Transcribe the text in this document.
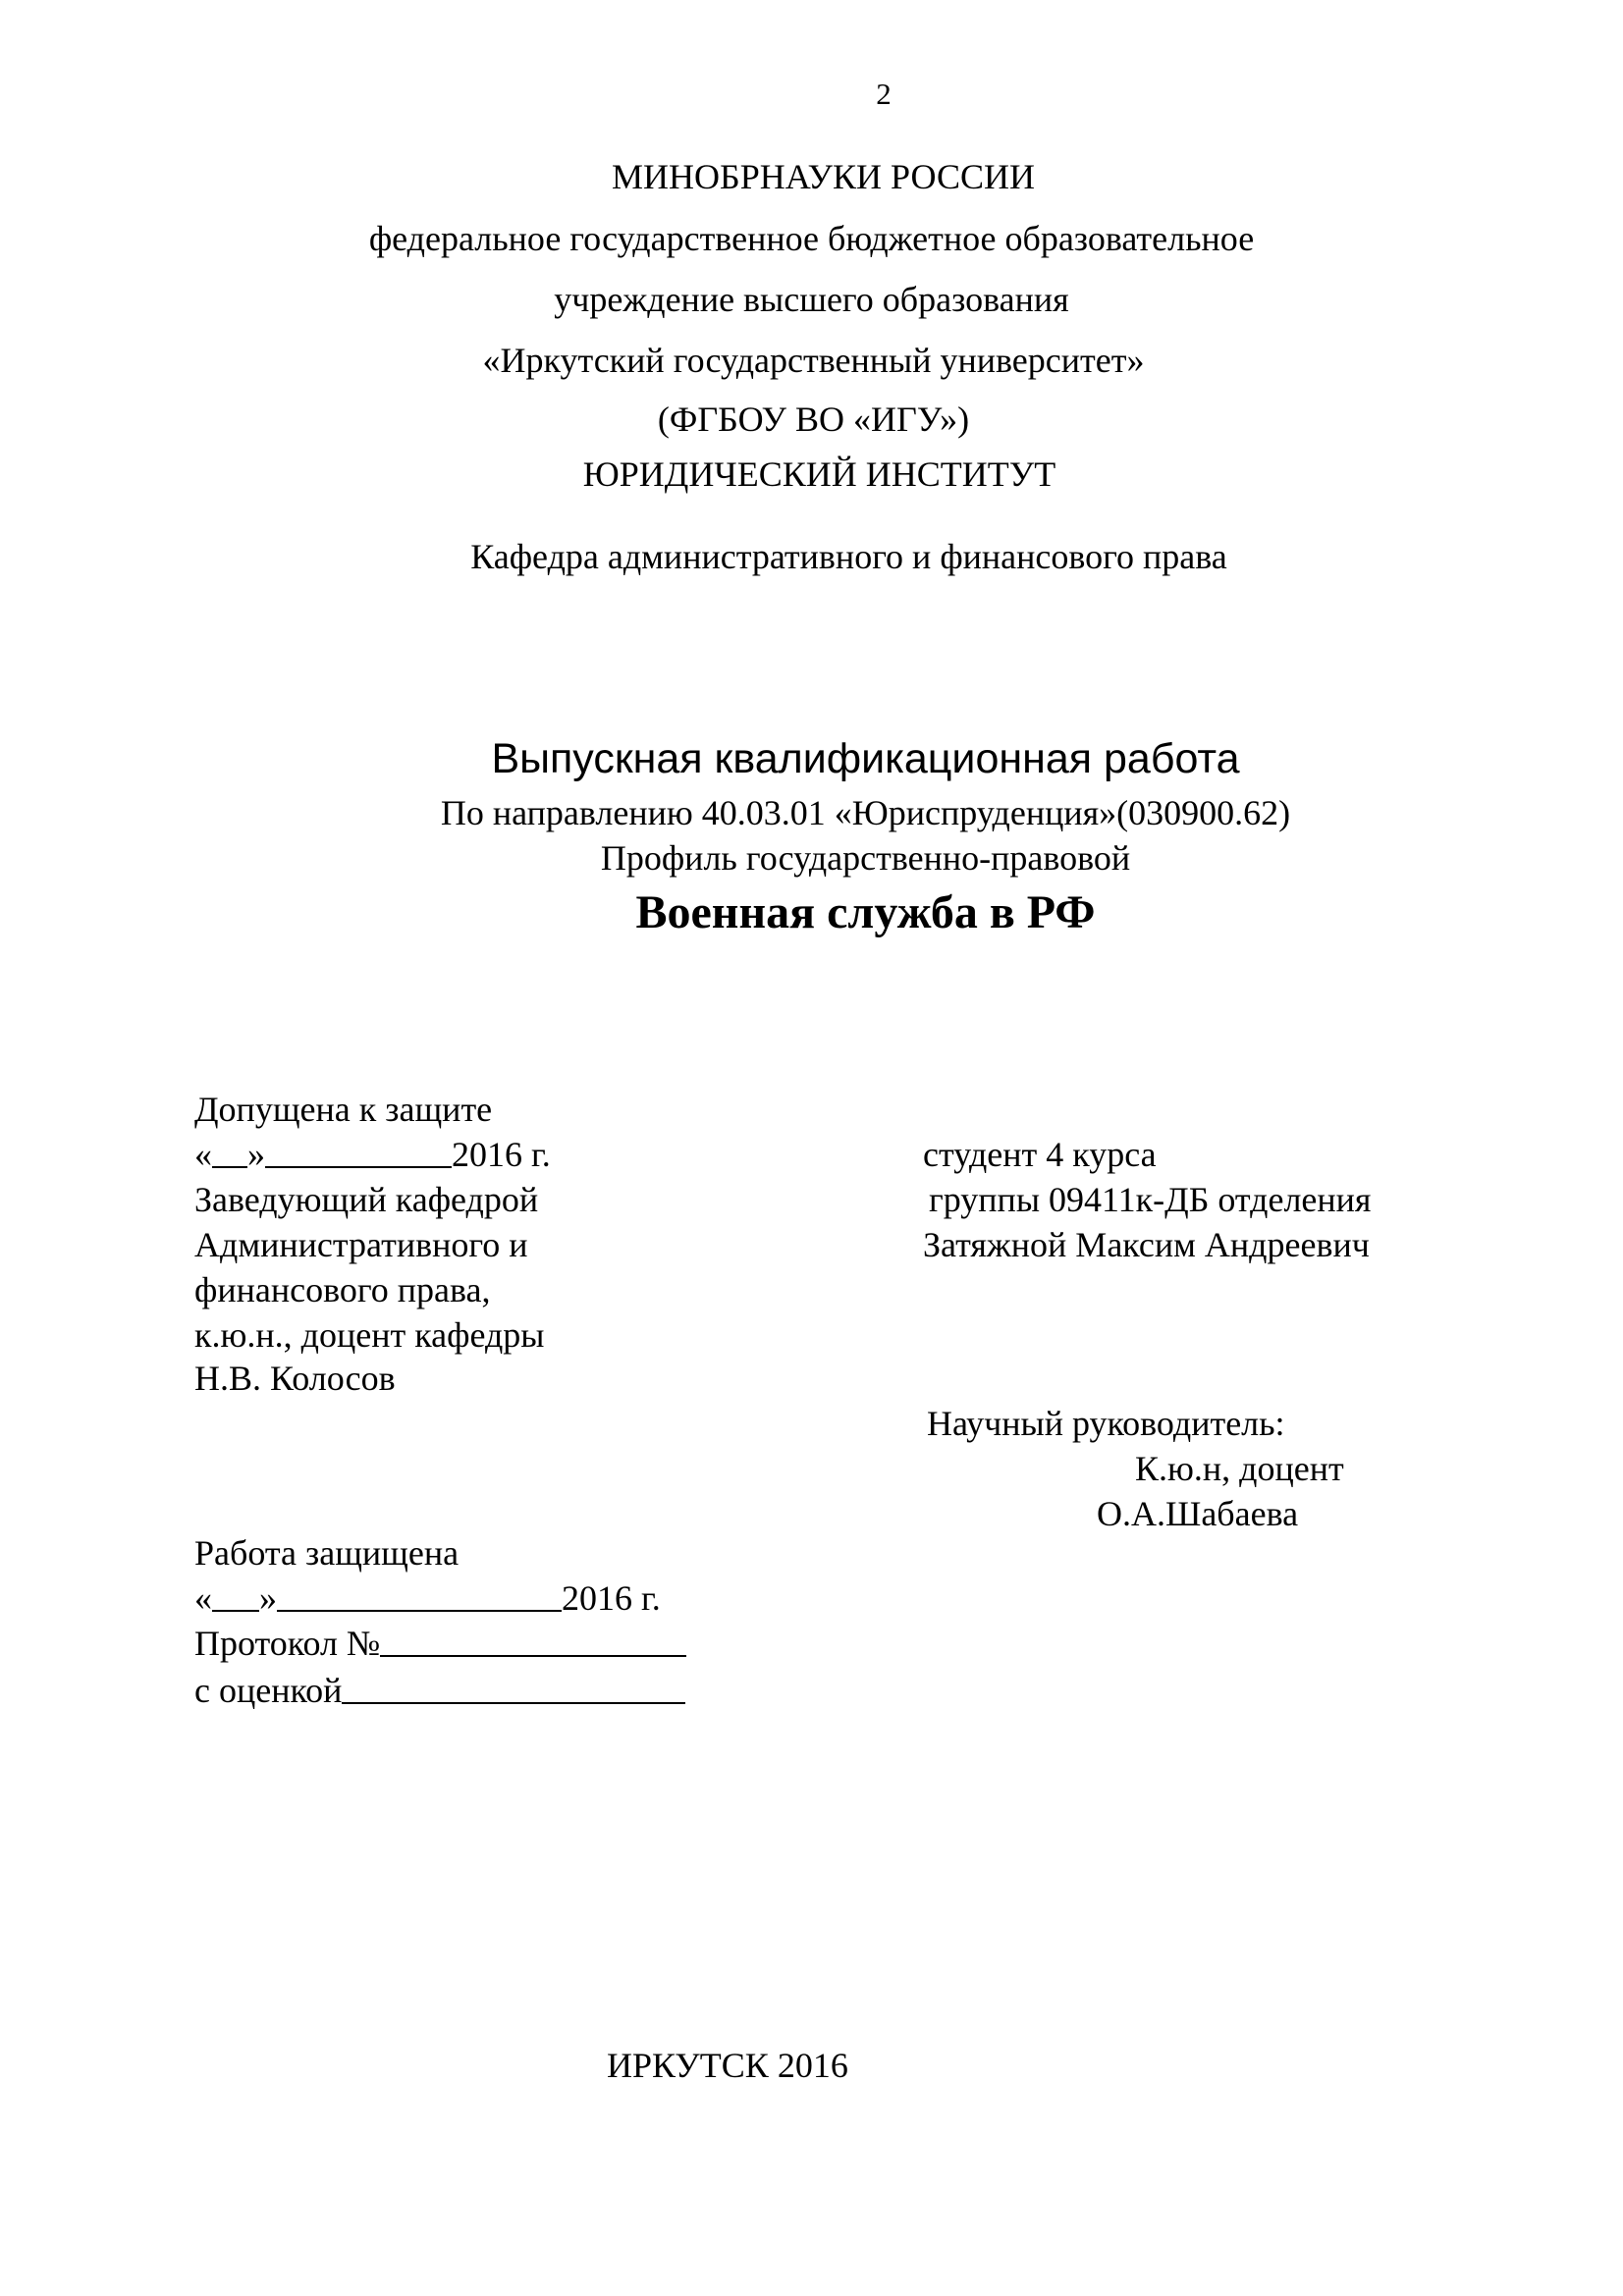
2
МИНОБРНАУКИ РОССИИ
федеральное государственное бюджетное образовательное
учреждение высшего образования
«Иркутский государственный университет»
(ФГБОУ ВО «ИГУ»)
ЮРИДИЧЕСКИЙ ИНСТИТУТ
Кафедра административного и финансового права
Выпускная квалификационная работа
По направлению 40.03.01 «Юриспруденция»(030900.62)
Профиль государственно-правовой
Военная служба в РФ
Допущена к защите
« »	2016 г.
Заведующий кафедрой
Административного и
финансового права,
к.ю.н., доцент кафедры
Н.В. Колосов
студент 4 курса
группы 09411к-ДБ отделения
Затяжной Максим Андреевич
Научный руководитель:
К.ю.н, доцент
О.А.Шабаева
Работа защищена
« »	2016 г.
Протокол №
с оценкой
ИРКУТСК 2016
